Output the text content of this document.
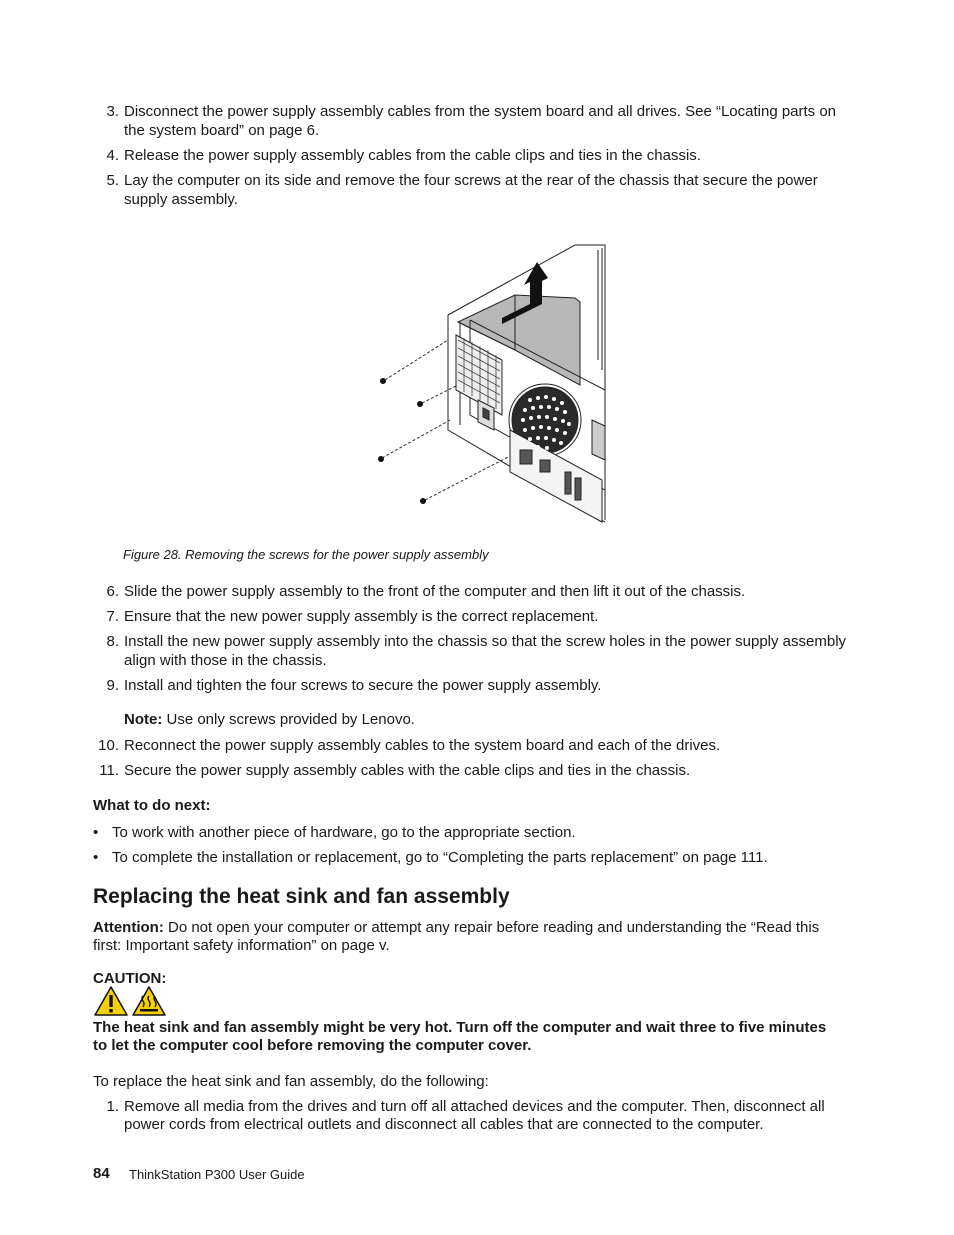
3. Disconnect the power supply assembly cables from the system board and all drives. See “Locating parts on the system board” on page 6.
4. Release the power supply assembly cables from the cable clips and ties in the chassis.
5. Lay the computer on its side and remove the four screws at the rear of the chassis that secure the power supply assembly.
Figure 28. Removing the screws for the power supply assembly
6. Slide the power supply assembly to the front of the computer and then lift it out of the chassis.
7. Ensure that the new power supply assembly is the correct replacement.
8. Install the new power supply assembly into the chassis so that the screw holes in the power supply assembly align with those in the chassis.
9. Install and tighten the four screws to secure the power supply assembly.
Note: Use only screws provided by Lenovo.
10. Reconnect the power supply assembly cables to the system board and each of the drives.
11. Secure the power supply assembly cables with the cable clips and ties in the chassis.
What to do next:
• To work with another piece of hardware, go to the appropriate section.
• To complete the installation or replacement, go to “Completing the parts replacement” on page 111.
Replacing the heat sink and fan assembly
Attention: Do not open your computer or attempt any repair before reading and understanding the “Read this first: Important safety information” on page v.
CAUTION:
The heat sink and fan assembly might be very hot. Turn off the computer and wait three to five minutes to let the computer cool before removing the computer cover.
To replace the heat sink and fan assembly, do the following:
1. Remove all media from the drives and turn off all attached devices and the computer. Then, disconnect all power cords from electrical outlets and disconnect all cables that are connected to the computer.
84 ThinkStation P300 User Guide
